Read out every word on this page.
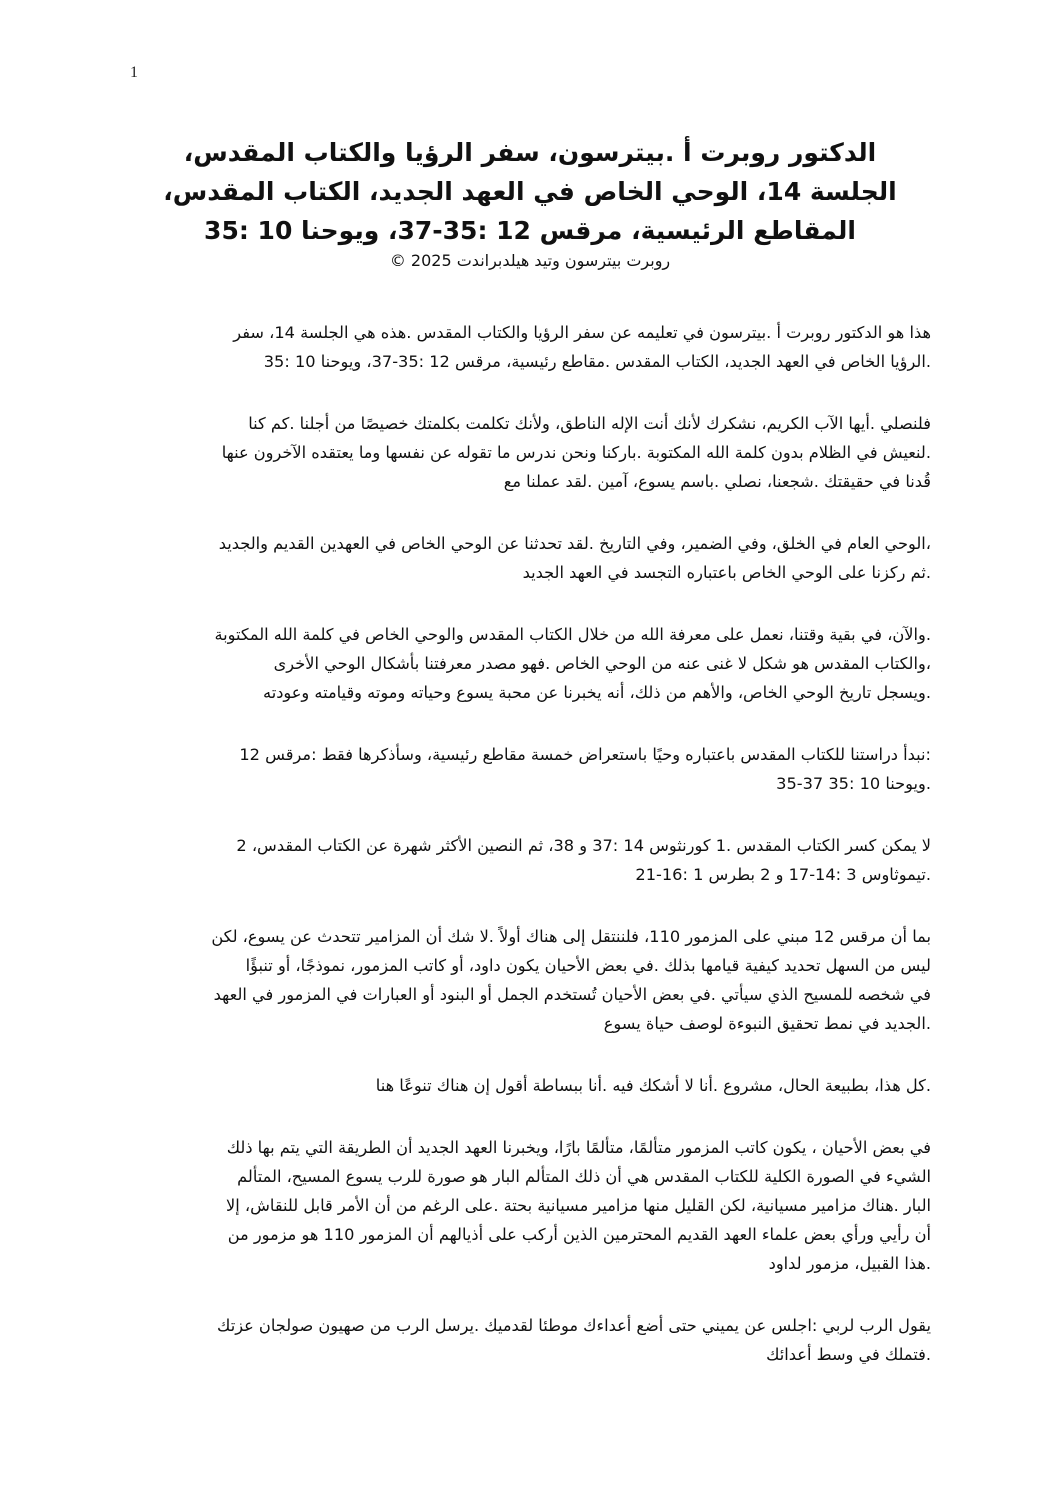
1
الدكتور روبرت أ .بيترسون، سفر الرؤيا والكتاب المقدس،
الجلسة 14، الوحي الخاص في العهد الجديد، الكتاب المقدس،
المقاطع الرئيسية، مرقس 12 :35-37، ويوحنا 10 :35
روبرت بيترسون وتيد هيلدبراندت 2025 ©

هذا هو الدكتور روبرت أ .بيترسون في تعليمه عن سفر الرؤيا والكتاب المقدس .هذه هي الجلسة 14، سفر
.الرؤيا الخاص في العهد الجديد، الكتاب المقدس .مقاطع رئيسية، مرقس 12 :35-37، ويوحنا 10 :35

فلنصلي .أيها الآب الكريم، نشكرك لأنك أنت الإله الناطق، ولأنك تكلمت بكلمتك خصيصًا من أجلنا .كم كنا
.لنعيش في الظلام بدون كلمة الله المكتوبة .باركنا ونحن ندرس ما تقوله عن نفسها وما يعتقده الآخرون عنها
قُدنا في حقيقتك .شجعنا، نصلي .باسم يسوع، آمين .لقد عملنا مع

،الوحي العام في الخلق، وفي الضمير، وفي التاريخ .لقد تحدثنا عن الوحي الخاص في العهدين القديم والجديد
.ثم ركزنا على الوحي الخاص باعتباره التجسد في العهد الجديد

.والآن، في بقية وقتنا، نعمل على معرفة الله من خلال الكتاب المقدس والوحي الخاص في كلمة الله المكتوبة
،والكتاب المقدس هو شكل لا غنى عنه من الوحي الخاص .فهو مصدر معرفتنا بأشكال الوحي الأخرى
.ويسجل تاريخ الوحي الخاص، والأهم من ذلك، أنه يخبرنا عن محبة يسوع وحياته وموته وقيامته وعودته

:نبدأ دراستنا للكتاب المقدس باعتباره وحيًا باستعراض خمسة مقاطع رئيسية، وسأذكرها فقط :مرقس 12
.ويوحنا 10 :35 37-35

لا يمكن كسر الكتاب المقدس .1 كورنثوس 14 :37 و 38، ثم النصين الأكثر شهرة عن الكتاب المقدس، 2
.تيموثاوس 3 :14-17 و 2 بطرس 1 :16-21

بما أن مرقس 12 مبني على المزمور 110، فلننتقل إلى هناك أولاً .لا شك أن المزامير تتحدث عن يسوع، لكن
ليس من السهل تحديد كيفية قيامها بذلك .في بعض الأحيان يكون داود، أو كاتب المزمور، نموذجًا، أو تنبؤًا
في شخصه للمسيح الذي سيأتي .في بعض الأحيان تُستخدم الجمل أو البنود أو العبارات في المزمور في العهد
.الجديد في نمط تحقيق النبوءة لوصف حياة يسوع

.كل هذا، بطبيعة الحال، مشروع .أنا لا أشكك فيه .أنا ببساطة أقول إن هناك تنوعًا هنا

في بعض الأحيان ، يكون كاتب المزمور متألمًا، متألمًا بارًا، ويخبرنا العهد الجديد أن الطريقة التي يتم بها ذلك
الشيء في الصورة الكلية للكتاب المقدس هي أن ذلك المتألم البار هو صورة للرب يسوع المسيح، المتألم
البار .هناك مزامير مسيانية، لكن القليل منها مزامير مسيانية بحتة .على الرغم من أن الأمر قابل للنقاش، إلا
أن رأيي ورأي بعض علماء العهد القديم المحترمين الذين أركب على أذيالهم أن المزمور 110 هو مزمور من
.هذا القبيل، مزمور لداود

يقول الرب لربي :اجلس عن يميني حتى أضع أعداءك موطئا لقدميك .يرسل الرب من صهيون صولجان عزتك
.فتملك في وسط أعدائك
